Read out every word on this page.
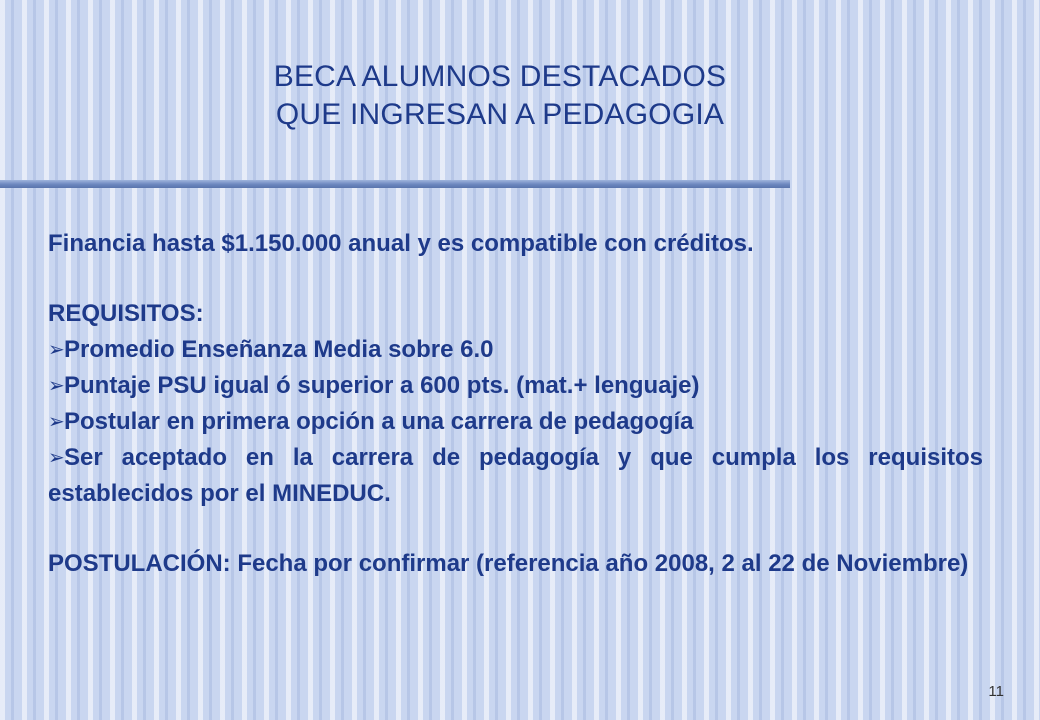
BECA ALUMNOS DESTACADOS
QUE INGRESAN A PEDAGOGIA

Financia hasta $1.150.000 anual y es compatible con créditos.

REQUISITOS:

➢Promedio Enseñanza Media sobre 6.0
➢Puntaje PSU igual ó superior a 600 pts. (mat.+ lenguaje)
➢Postular en primera opción a una carrera de pedagogía
➢Ser aceptado en la carrera de pedagogía y que cumpla los requisitos establecidos por el MINEDUC.

POSTULACIÓN: Fecha por confirmar (referencia año 2008, 2 al 22 de Noviembre)

11
